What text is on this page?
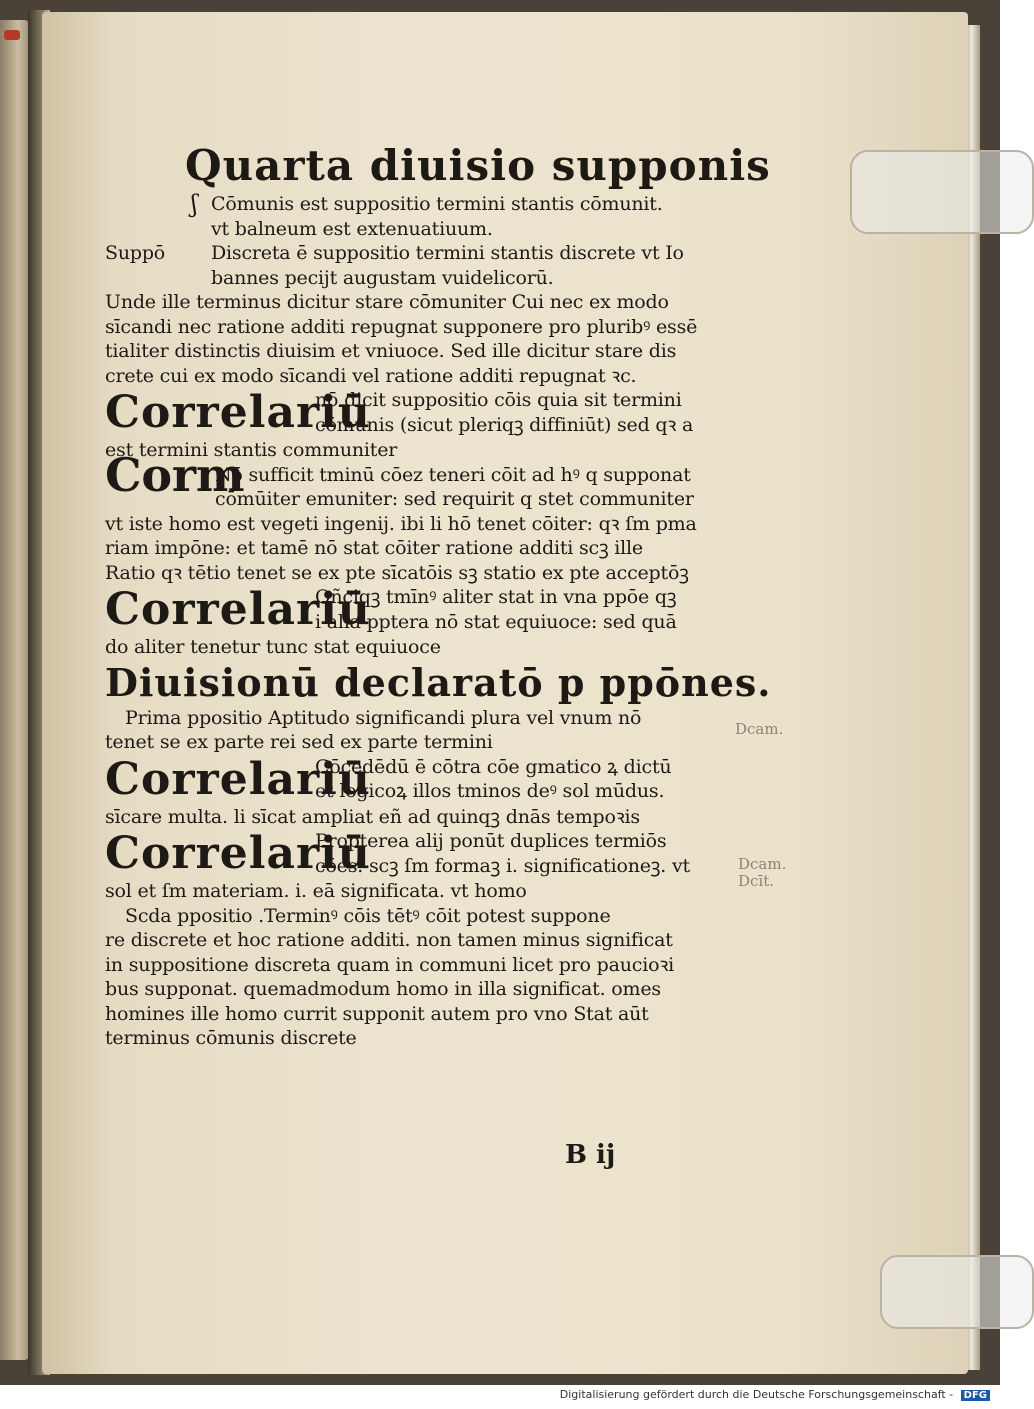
Dcam.
Dcam.
Dcīt.
Quarta diuisio supponis
ʃ Cōmunis est suppositio termini stantis cōmunit.
vt balneum est extenuatiuum.
Suppō	Discreta ē suppositio termini stantis discrete vt Io
bannes pecijt augustam vuidelicorū.
Unde ille terminus dicitur stare cōmuniter Cui nec ex modo
sīcandi nec ratione additi repugnat supponere pro pluribꝰ essē
tialiter distinctis diuisim et vniuoce. Sed ille dicitur stare dis
crete cui ex modo sīcandi vel ratione additi repugnat ꝛc.
Correlariū
nō dicit suppositio cōis quia sit termini
cōmunis (sicut pleriqꝫ diffiniūt) sed qꝛ a
est termini stantis communiter
Corm
Nō sufficit tminū cōez teneri cōit ad hꝰ q supponat
cōmūiter emuniter: sed requirit q stet communiter
vt iste homo est vegeti ingenij. ibi li hō tenet cōiter: qꝛ ſm pma
riam impōne: et tamē nō stat cōiter ratione additi scꝫ ille
Ratio qꝛ tētio tenet se ex pte sīcatōis sꝫ statio ex pte acceptōꝫ
Correlariū
Oñciqꝫ tmīnꝰ aliter stat in vna ppōe qꝫ
i alia pptera nō stat equiuoce: sed quā
do aliter tenetur tunc stat equiuoce
Diuisionū declaratō p ppōnes.
Prima ppositio Aptitudo significandi plura vel vnum nō
tenet se ex parte rei sed ex parte termini
Correlariū
Cōcedēdū ē cōtra cōe gmatico ꝝ dictū
et logicoꝝ illos tminos deꝰ sol mūdus.
sīcare multa. li sīcat ampliat eñ ad quinqꝫ dnās tempoꝛis
Correlariū
Propterea alij ponūt duplices termiōs
cōes. scꝫ ſm formaꝫ i. significationeꝫ. vt
sol et ſm materiam. i. eā significata. vt homo
Scda ppositio .Terminꝰ cōis tētꝰ cōit potest suppone
re discrete et hoc ratione additi. non tamen minus significat
in suppositione discreta quam in communi licet pro paucioꝛi
bus supponat. quemadmodum homo in illa significat. omes
homines ille homo currit supponit autem pro vno Stat aūt
terminus cōmunis discrete
B ij
Digitalisierung gefördert durch die Deutsche Forschungsgemeinschaft - DFG
